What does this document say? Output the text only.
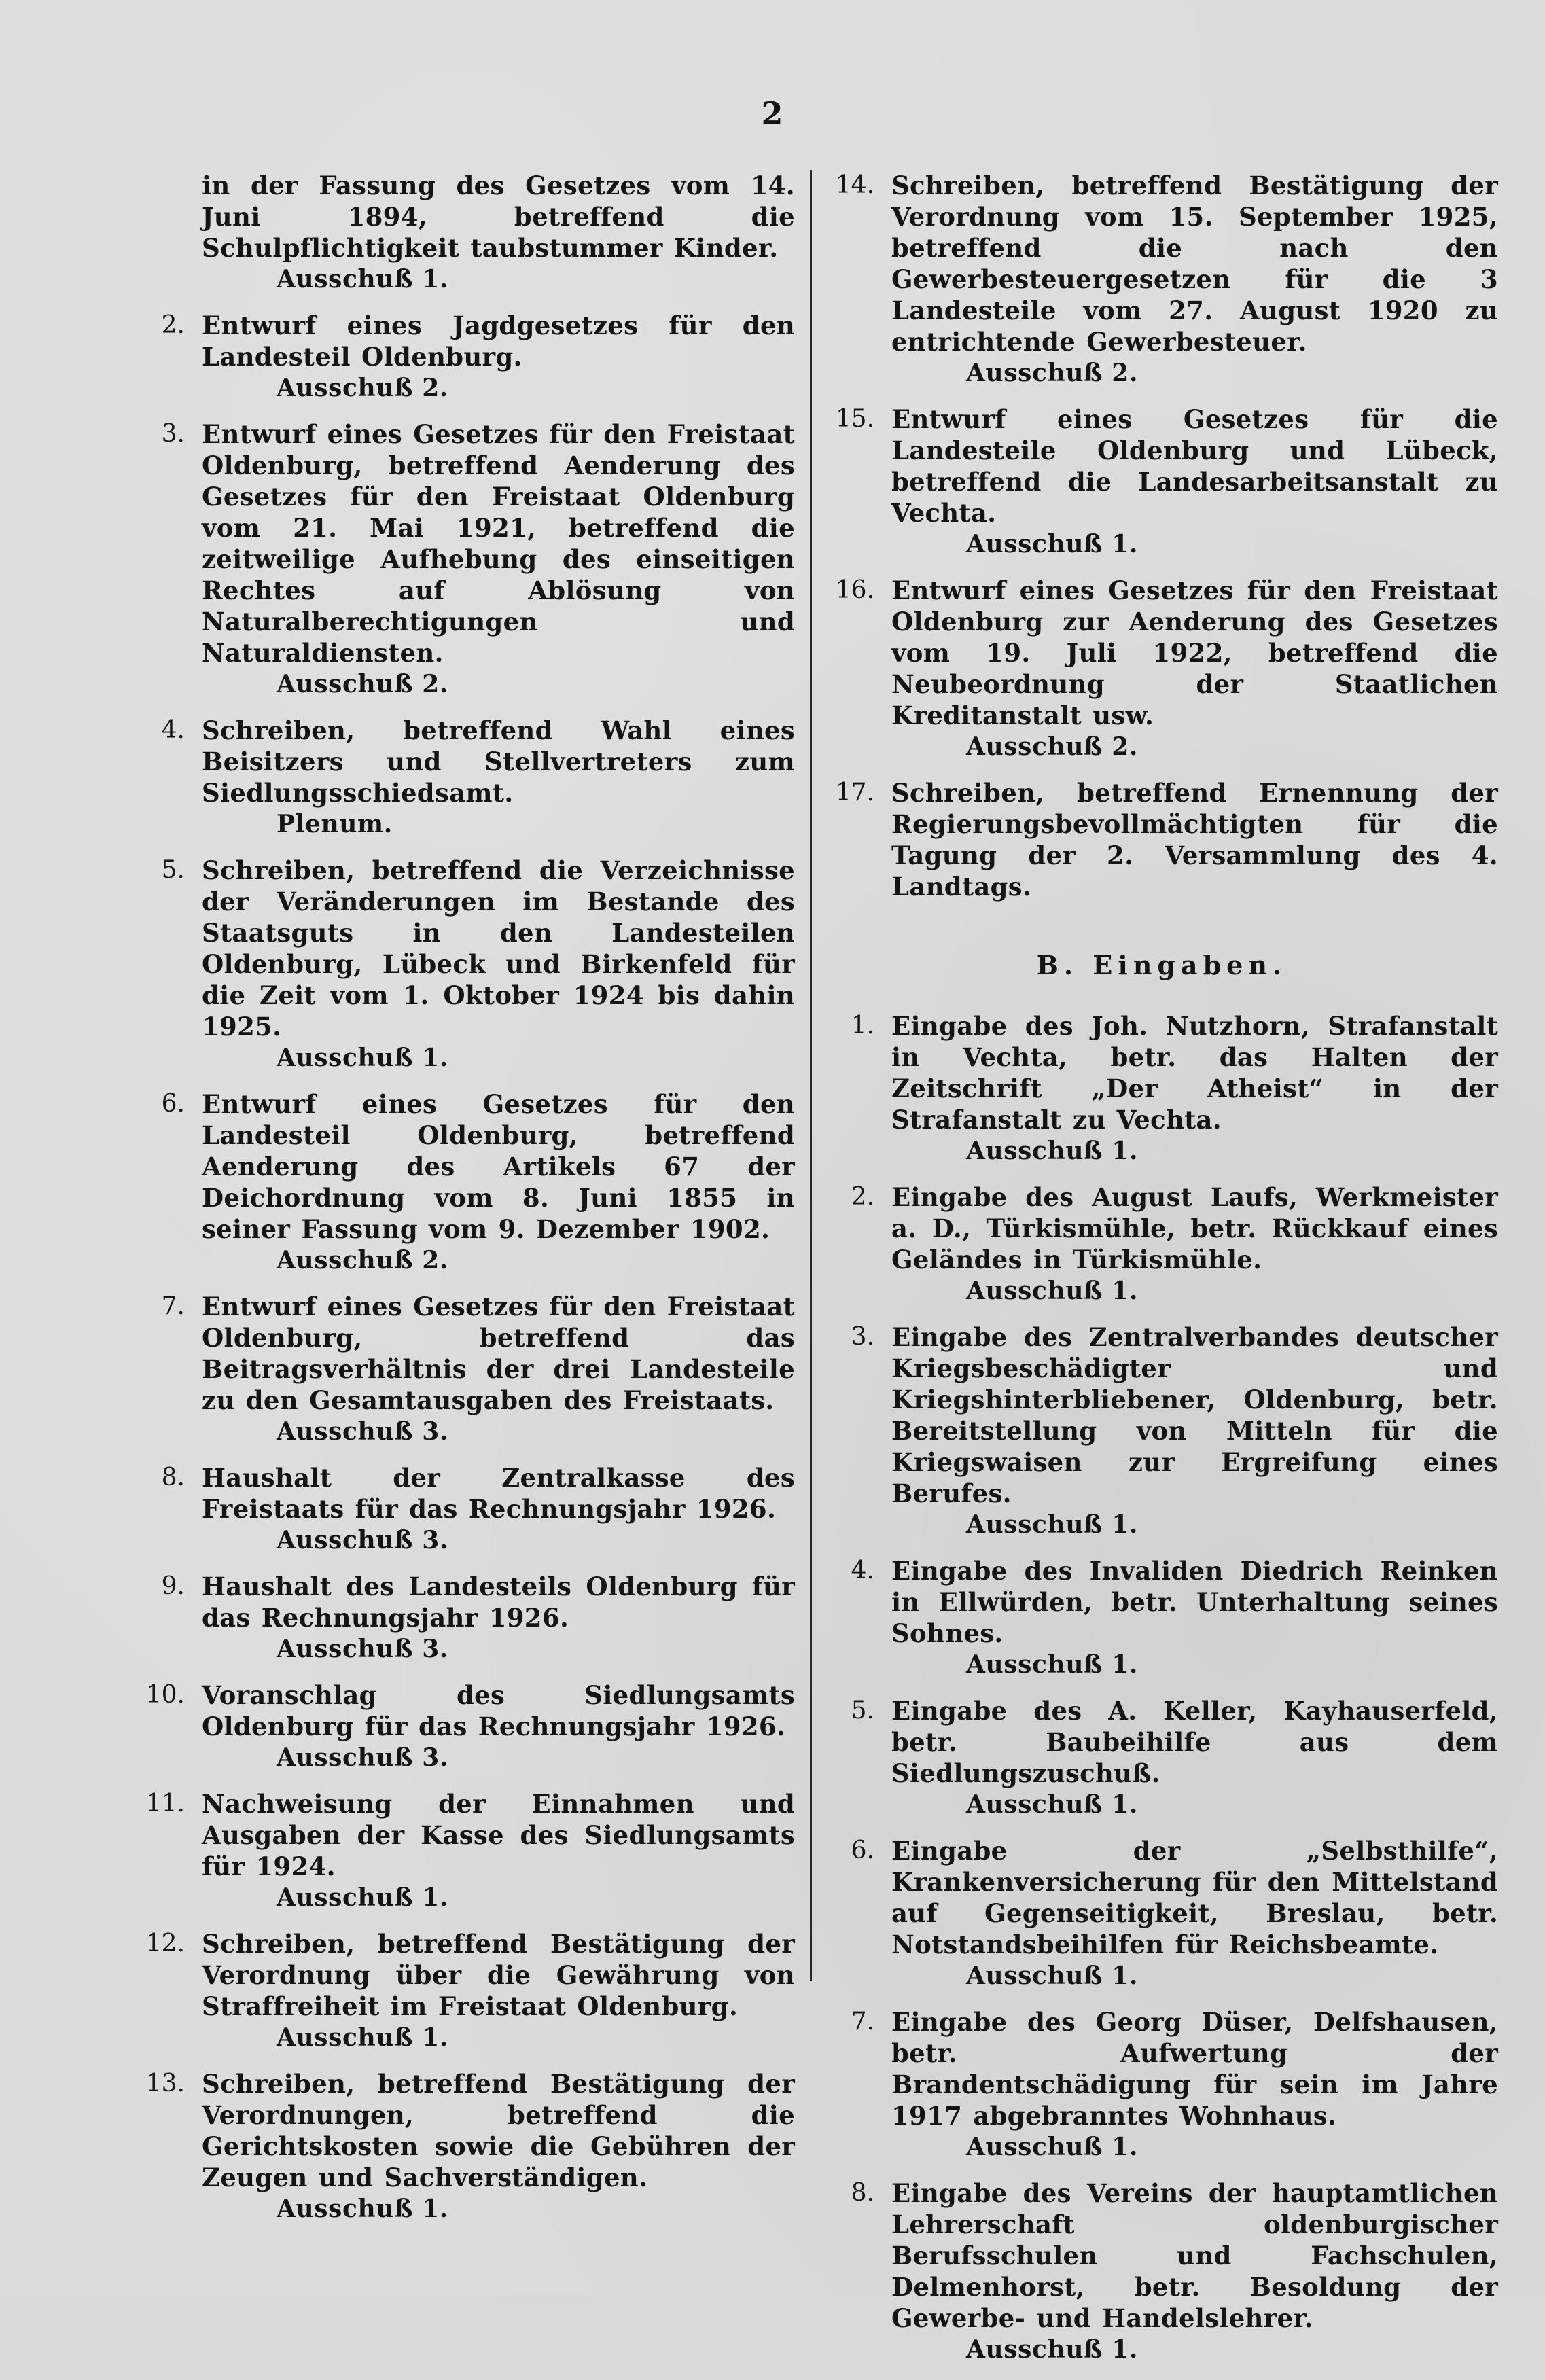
2
in der Fassung des Gesetzes vom 14. Juni 1894, betreffend die Schulpflichtigkeit taubstummer Kinder.
Ausschuß 1.
2. Entwurf eines Jagdgesetzes für den Landesteil Oldenburg.
Ausschuß 2.
3. Entwurf eines Gesetzes für den Freistaat Oldenburg, betreffend Aenderung des Gesetzes für den Freistaat Oldenburg vom 21. Mai 1921, betreffend die zeitweilige Aufhebung des einseitigen Rechtes auf Ablösung von Naturalberechtigungen und Naturaldiensten.
Ausschuß 2.
4. Schreiben, betreffend Wahl eines Beisitzers und Stellvertreters zum Siedlungsschiedsamt.
Plenum.
5. Schreiben, betreffend die Verzeichnisse der Veränderungen im Bestande des Staatsguts in den Landesteilen Oldenburg, Lübeck und Birkenfeld für die Zeit vom 1. Oktober 1924 bis dahin 1925.
Ausschuß 1.
6. Entwurf eines Gesetzes für den Landesteil Oldenburg, betreffend Aenderung des Artikels 67 der Deichordnung vom 8. Juni 1855 in seiner Fassung vom 9. Dezember 1902.
Ausschuß 2.
7. Entwurf eines Gesetzes für den Freistaat Oldenburg, betreffend das Beitragsverhältnis der drei Landesteile zu den Gesamtausgaben des Freistaats.
Ausschuß 3.
8. Haushalt der Zentralkasse des Freistaats für das Rechnungsjahr 1926.
Ausschuß 3.
9. Haushalt des Landesteils Oldenburg für das Rechnungsjahr 1926.
Ausschuß 3.
10. Voranschlag des Siedlungsamts Oldenburg für das Rechnungsjahr 1926.
Ausschuß 3.
11. Nachweisung der Einnahmen und Ausgaben der Kasse des Siedlungsamts für 1924.
Ausschuß 1.
12. Schreiben, betreffend Bestätigung der Verordnung über die Gewährung von Straffreiheit im Freistaat Oldenburg.
Ausschuß 1.
13. Schreiben, betreffend Bestätigung der Verordnungen, betreffend die Gerichtskosten sowie die Gebühren der Zeugen und Sachverständigen.
Ausschuß 1.
14. Schreiben, betreffend Bestätigung der Verordnung vom 15. September 1925, betreffend die nach den Gewerbesteuergesetzen für die 3 Landesteile vom 27. August 1920 zu entrichtende Gewerbesteuer.
Ausschuß 2.
15. Entwurf eines Gesetzes für die Landesteile Oldenburg und Lübeck, betreffend die Landesarbeitsanstalt zu Vechta.
Ausschuß 1.
16. Entwurf eines Gesetzes für den Freistaat Oldenburg zur Aenderung des Gesetzes vom 19. Juli 1922, betreffend die Neubeordnung der Staatlichen Kreditanstalt usw.
Ausschuß 2.
17. Schreiben, betreffend Ernennung der Regierungsbevollmächtigten für die Tagung der 2. Versammlung des 4. Landtags.
B. Eingaben.
1. Eingabe des Joh. Nutzhorn, Strafanstalt in Vechta, betr. das Halten der Zeitschrift „Der Atheist“ in der Strafanstalt zu Vechta.
Ausschuß 1.
2. Eingabe des August Laufs, Werkmeister a. D., Türkismühle, betr. Rückkauf eines Geländes in Türkismühle.
Ausschuß 1.
3. Eingabe des Zentralverbandes deutscher Kriegsbeschädigter und Kriegshinterbliebener, Oldenburg, betr. Bereitstellung von Mitteln für die Kriegswaisen zur Ergreifung eines Berufes.
Ausschuß 1.
4. Eingabe des Invaliden Diedrich Reinken in Ellwürden, betr. Unterhaltung seines Sohnes.
Ausschuß 1.
5. Eingabe des A. Keller, Kayhauserfeld, betr. Baubeihilfe aus dem Siedlungszuschuß.
Ausschuß 1.
6. Eingabe der „Selbsthilfe“, Krankenversicherung für den Mittelstand auf Gegenseitigkeit, Breslau, betr. Notstandsbeihilfen für Reichsbeamte.
Ausschuß 1.
7. Eingabe des Georg Düser, Delfshausen, betr. Aufwertung der Brandentschädigung für sein im Jahre 1917 abgebranntes Wohnhaus.
Ausschuß 1.
8. Eingabe des Vereins der hauptamtlichen Lehrerschaft oldenburgischer Berufsschulen und Fachschulen, Delmenhorst, betr. Besoldung der Gewerbe- und Handelslehrer.
Ausschuß 1.
